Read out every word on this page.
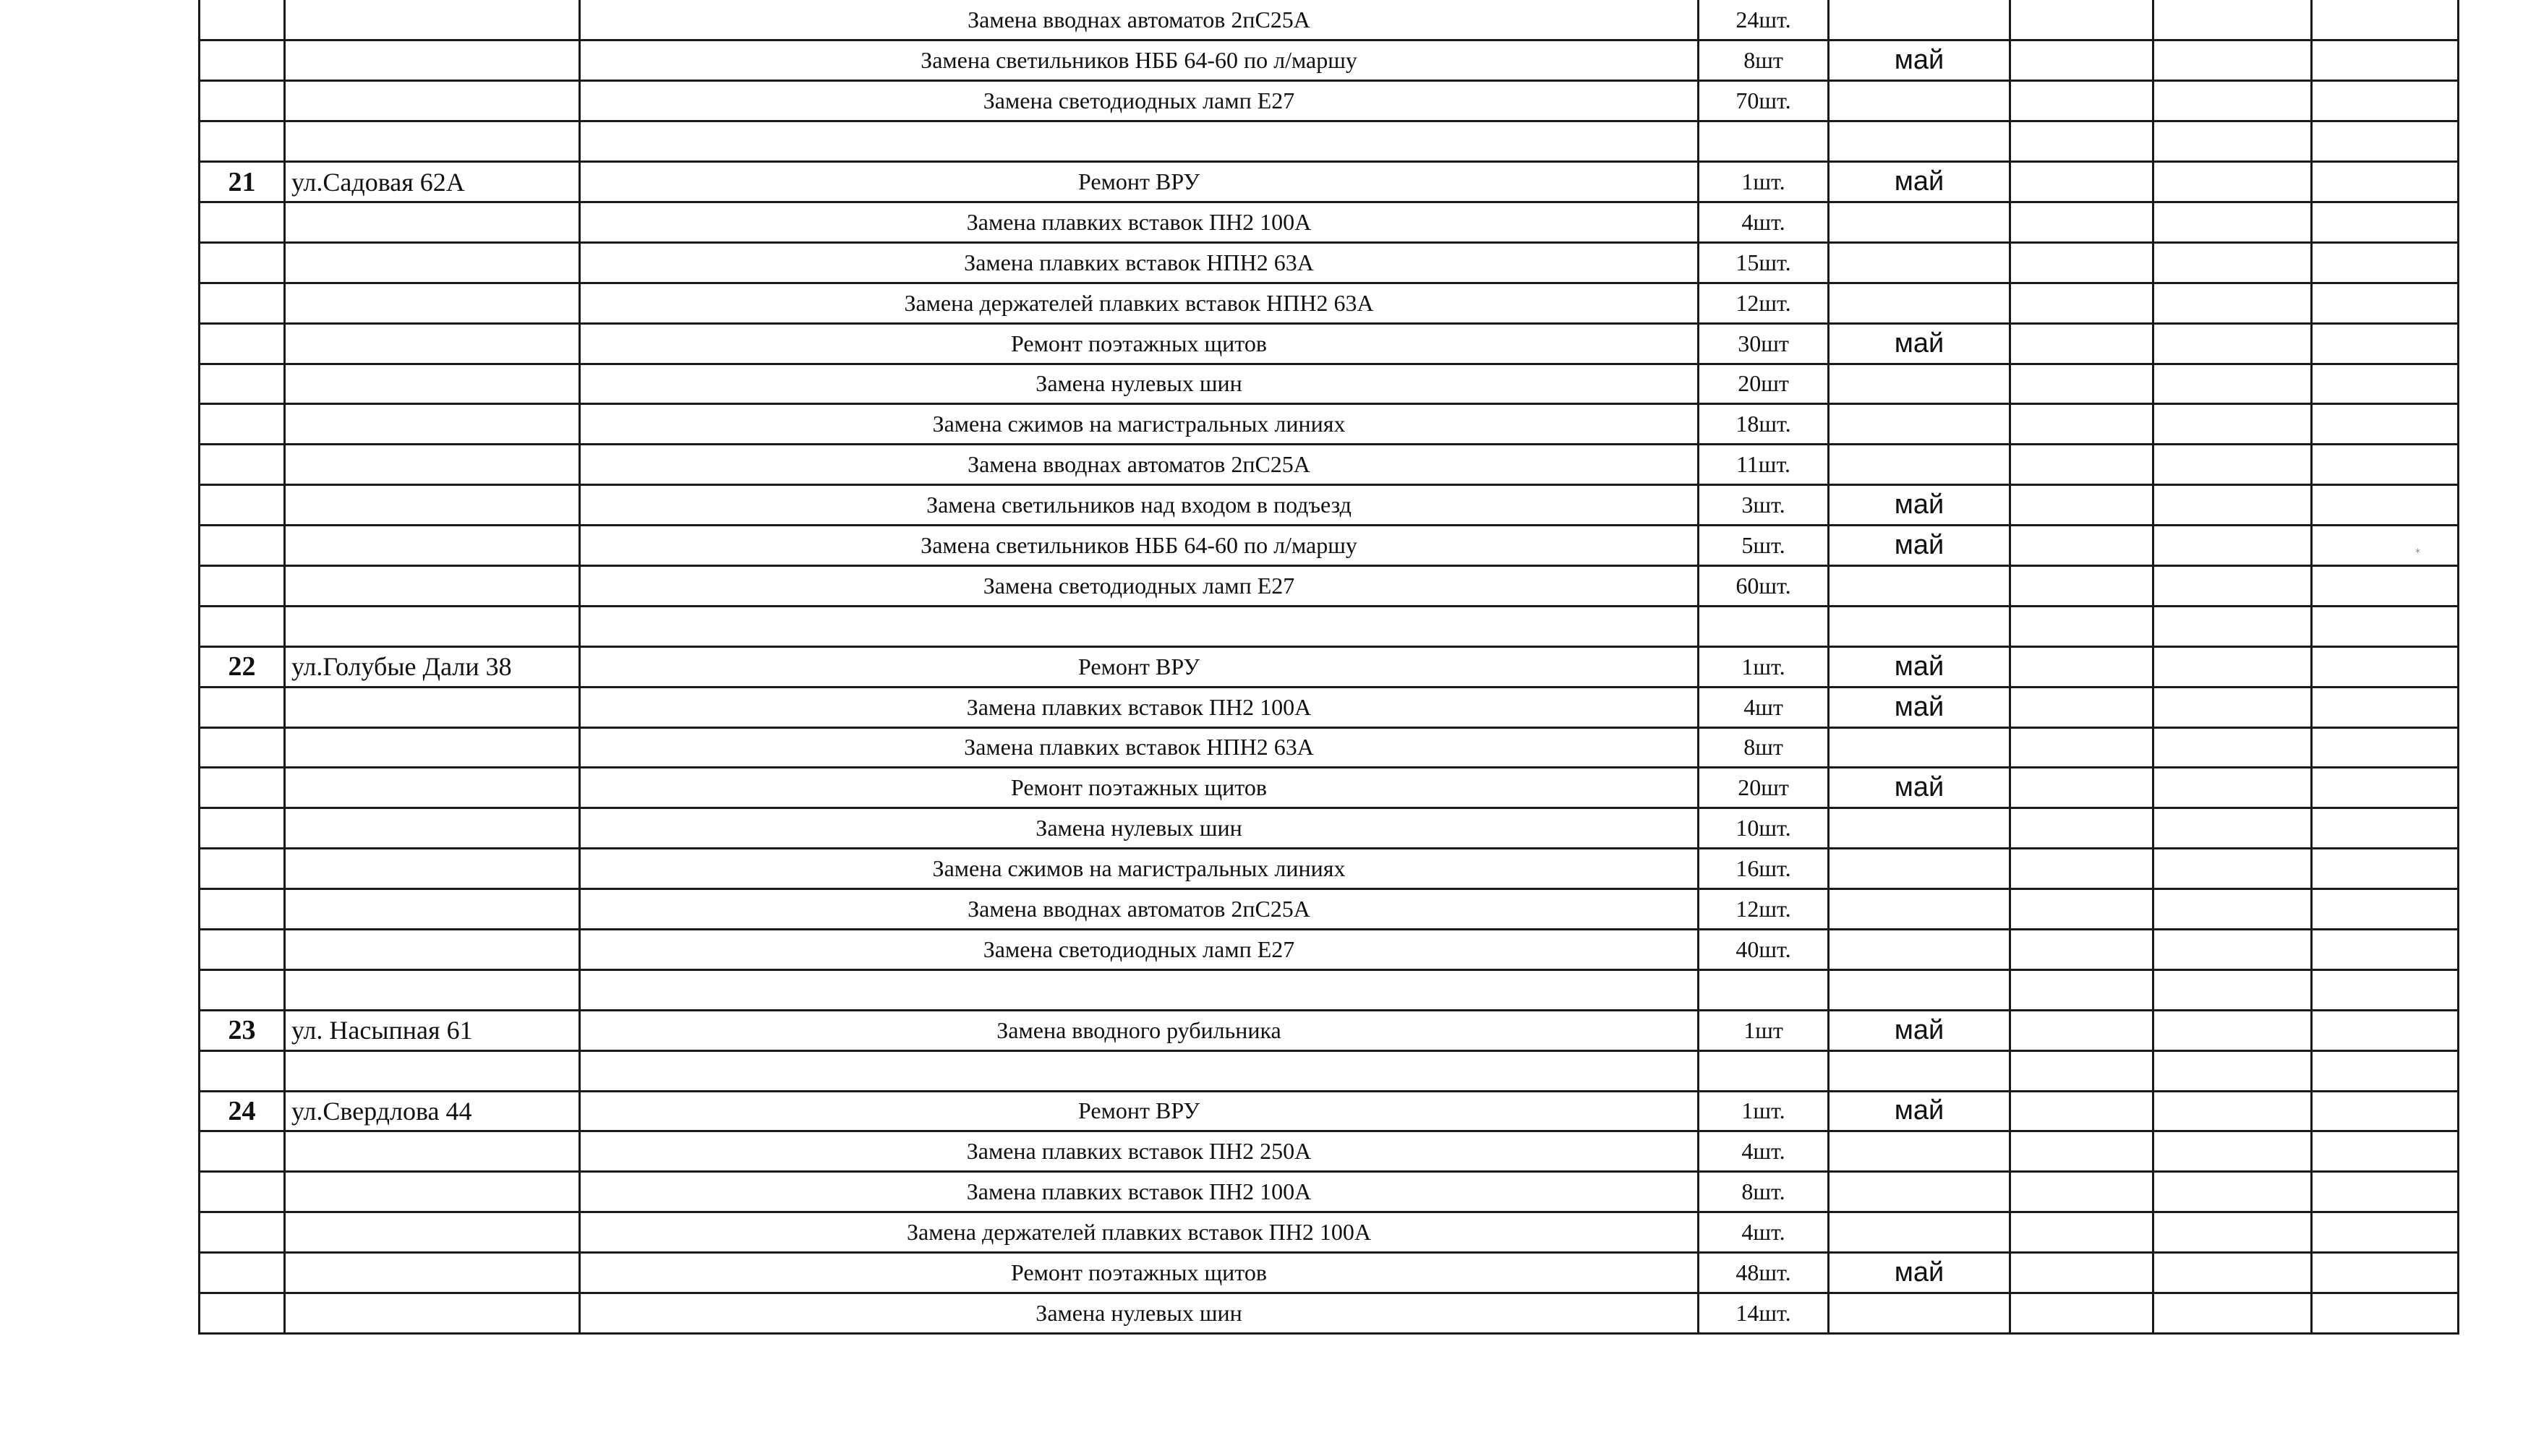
		Замена вводнах автоматов 2пС25А	24шт.				
		Замена светильников НББ 64-60 по л/маршу	8шт	май			
		Замена светодиодных ламп Е27	70шт.				

21	ул.Садовая 62А	Ремонт ВРУ	1шт.	май			
		Замена плавких вставок ПН2 100А	4шт.				
		Замена плавких вставок НПН2 63А	15шт.				
		Замена держателей плавких вставок НПН2 63А	12шт.				
		Ремонт поэтажных щитов	30шт	май			
		Замена нулевых шин	20шт				
		Замена сжимов на магистральных линиях	18шт.				
		Замена вводнах автоматов 2пС25А	11шт.				
		Замена светильников над входом в подъезд	3шт.	май			
		Замена светильников НББ 64-60 по л/маршу	5шт.	май			
		Замена светодиодных ламп Е27	60шт.				

22	ул.Голубые Дали 38	Ремонт ВРУ	1шт.	май			
		Замена плавких вставок ПН2 100А	4шт	май			
		Замена плавких вставок НПН2 63А	8шт				
		Ремонт поэтажных щитов	20шт	май			
		Замена нулевых шин	10шт.				
		Замена сжимов на магистральных линиях	16шт.				
		Замена вводнах автоматов 2пС25А	12шт.				
		Замена светодиодных ламп Е27	40шт.				

23	ул. Насыпная 61	Замена вводного рубильника	1шт	май			

24	ул.Свердлова 44	Ремонт ВРУ	1шт.	май			
		Замена плавких вставок ПН2 250А	4шт.				
		Замена плавких вставок ПН2 100А	8шт.				
		Замена держателей плавких вставок ПН2 100А	4шт.				
		Ремонт поэтажных щитов	48шт.	май			
		Замена нулевых шин	14шт.				
*
